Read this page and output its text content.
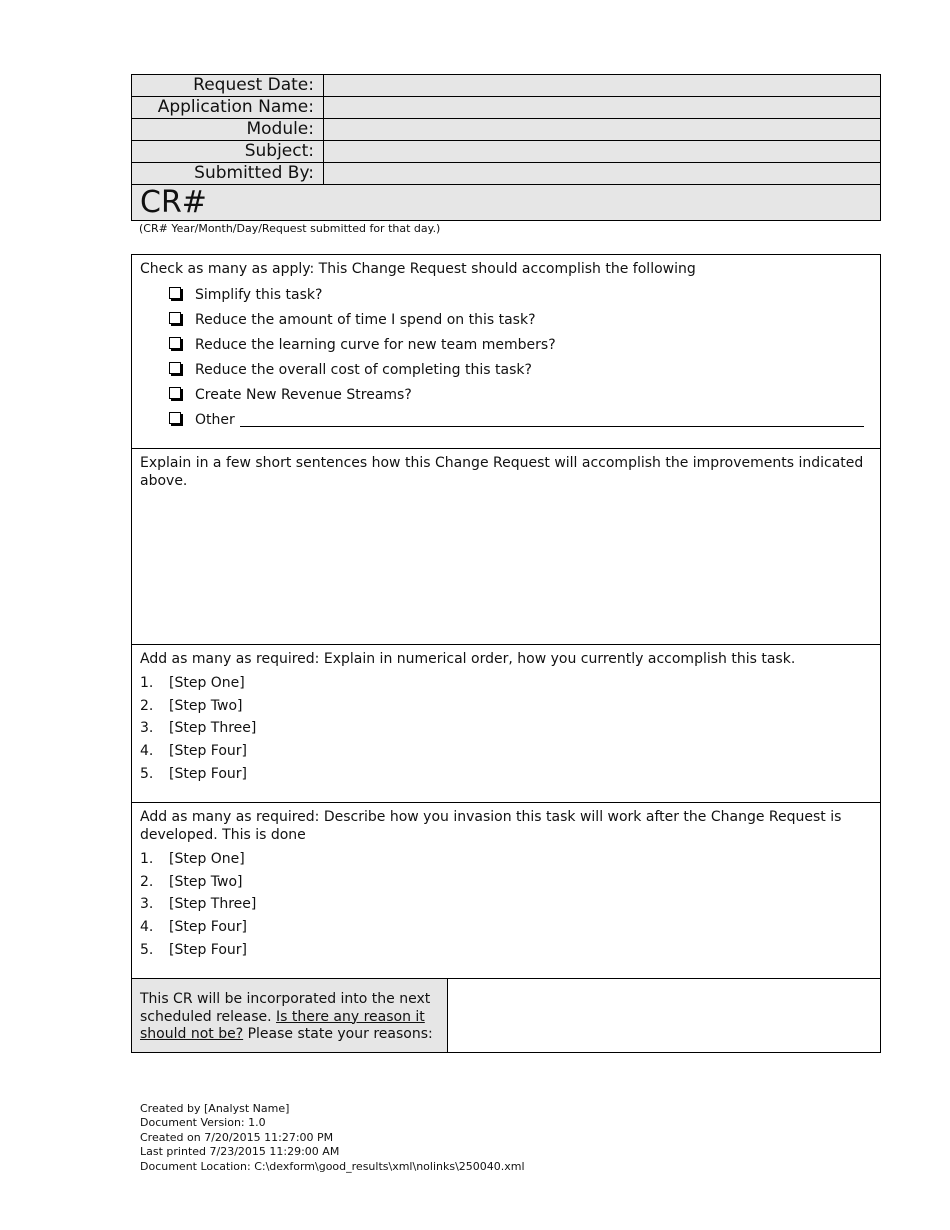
Request Date:	
Application Name:	
Module:	
Subject:	
Submitted By:	
CR#	
(CR# Year/Month/Day/Request submitted for that day.)
Check as many as apply: This Change Request should accomplish the following
Simplify this task?
Reduce the amount of time I spend on this task?
Reduce the learning curve for new team members?
Reduce the overall cost of completing this task?
Create New Revenue Streams?
Other
Explain in a few short sentences how this Change Request will accomplish the improvements indicated above.
Add as many as required: Explain in numerical order, how you currently accomplish this task.
1.	[Step One]
2.	[Step Two]
3.	[Step Three]
4.	[Step Four]
5.	[Step Four]
Add as many as required: Describe how you invasion this task will work after the Change Request is developed. This is done
1.	[Step One]
2.	[Step Two]
3.	[Step Three]
4.	[Step Four]
5.	[Step Four]
This CR will be incorporated into the next scheduled release. Is there any reason it should not be? Please state your reasons:
Created by [Analyst Name]
Document Version: 1.0
Created on 7/20/2015 11:27:00 PM
Last printed 7/23/2015 11:29:00 AM
Document Location: C:\dexform\good_results\xml\nolinks\250040.xml
